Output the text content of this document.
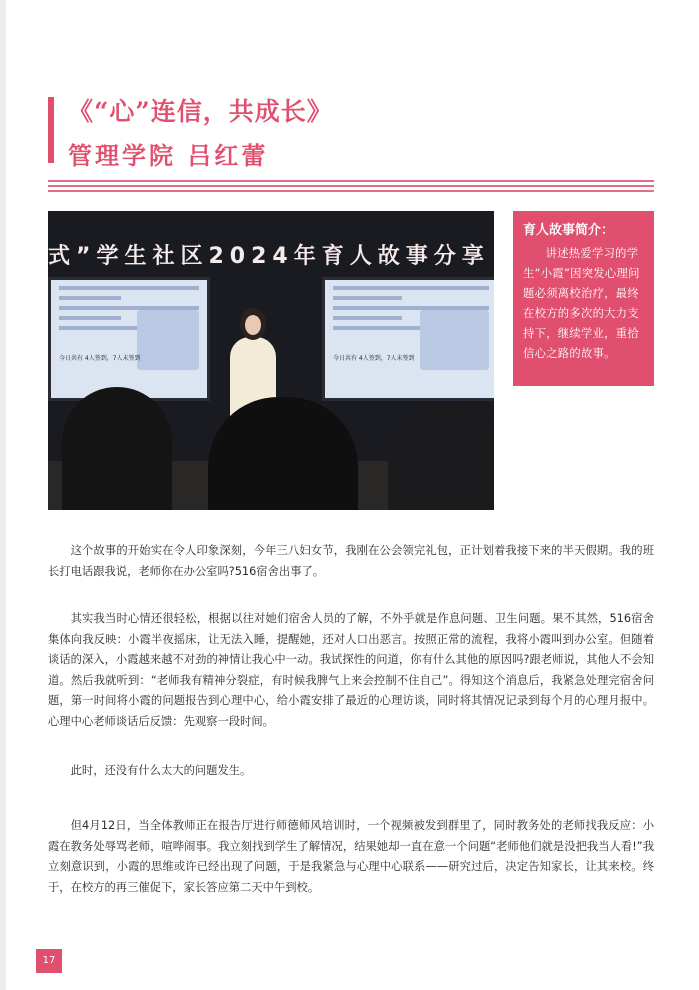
《“心”连信，共成长》
管理学院 吕红蕾
式”学生社区2024年育人故事分享
今日共有 4人签到，7人未签到	今日共有 4人签到，7人未签到
育人故事简介：
讲述热爱学习的学生“小霞”因突发心理问题必须离校治疗，最终在校方的多次的大力支持下，继续学业，重拾信心之路的故事。
这个故事的开始实在令人印象深刻，今年三八妇女节，我刚在公会领完礼包，正计划着我接下来的半天假期。我的班长打电话跟我说，老师你在办公室吗?516宿舍出事了。
其实我当时心情还很轻松，根据以往对她们宿舍人员的了解，不外乎就是作息问题、卫生问题。果不其然，516宿舍集体向我反映：小霞半夜摇床，让无法入睡，提醒她，还对人口出恶言。按照正常的流程，我将小霞叫到办公室。但随着谈话的深入，小霞越来越不对劲的神情让我心中一动。我试探性的问道，你有什么其他的原因吗?跟老师说，其他人不会知道。然后我就听到：“老师我有精神分裂症，有时候我脾气上来会控制不住自己”。得知这个消息后，我紧急处理完宿舍问题，第一时间将小霞的问题报告到心理中心，给小霞安排了最近的心理访谈，同时将其情况记录到每个月的心理月报中。心理中心老师谈话后反馈：先观察一段时间。
此时，还没有什么太大的问题发生。
但4月12日，当全体教师正在报告厅进行师德师风培训时，一个视频被发到群里了，同时教务处的老师找我反应：小霞在教务处辱骂老师，喧哗闹事。我立刻找到学生了解情况，结果她却一直在意一个问题“老师他们就是没把我当人看!”我立刻意识到，小霞的思维或许已经出现了问题，于是我紧急与心理中心联系——研究过后，决定告知家长，让其来校。终于，在校方的再三催促下，家长答应第二天中午到校。
17
